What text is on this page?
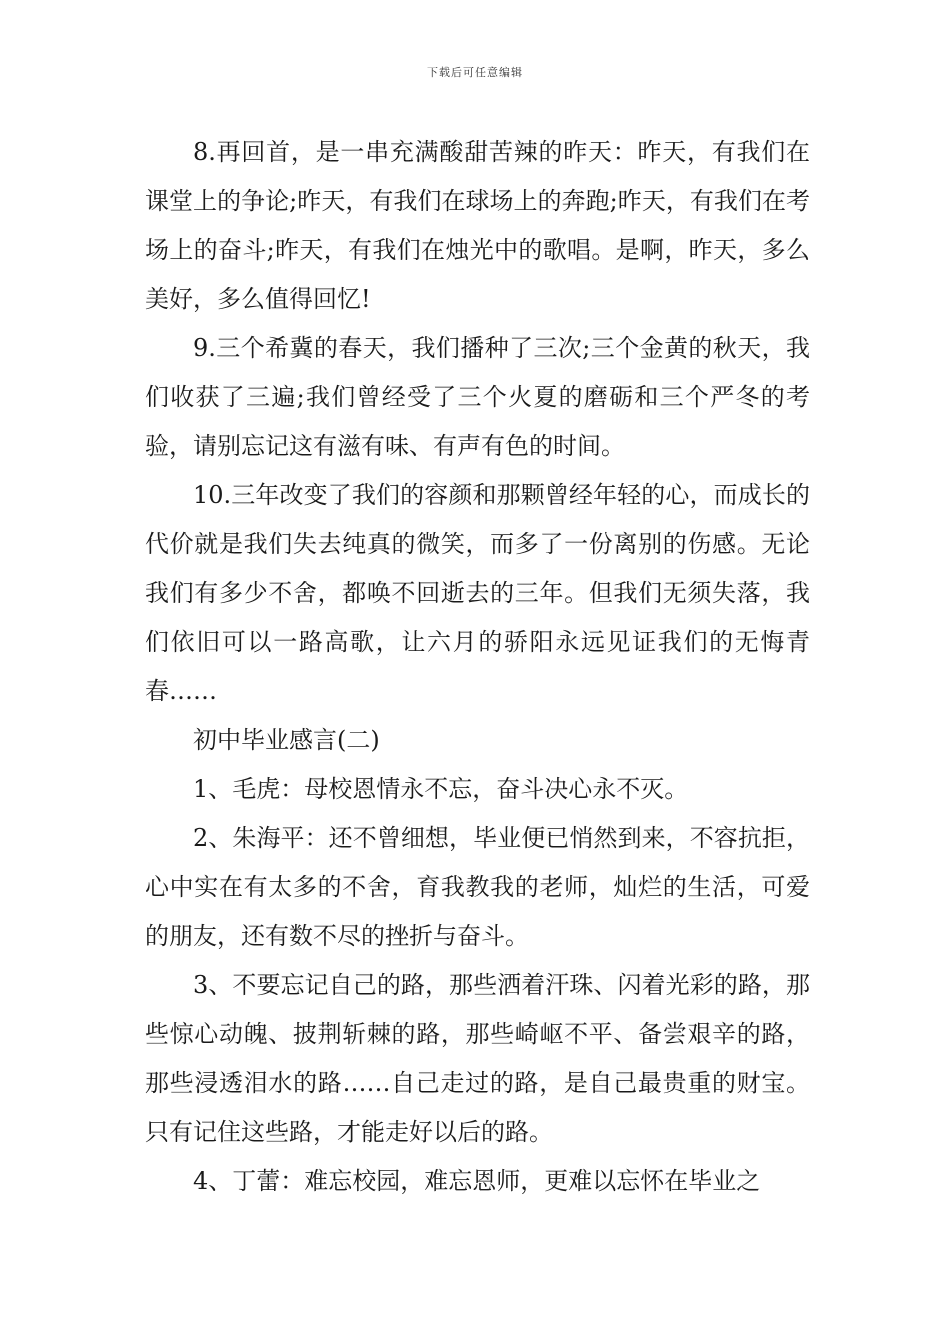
下载后可任意编辑

8.再回首，是一串充满酸甜苦辣的昨天：昨天，有我们在课堂上的争论;昨天，有我们在球场上的奔跑;昨天，有我们在考场上的奋斗;昨天，有我们在烛光中的歌唱。是啊，昨天，多么美好，多么值得回忆!

9.三个希冀的春天，我们播种了三次;三个金黄的秋天，我们收获了三遍;我们曾经受了三个火夏的磨砺和三个严冬的考验，请别忘记这有滋有味、有声有色的时间。

10.三年改变了我们的容颜和那颗曾经年轻的心，而成长的代价就是我们失去纯真的微笑，而多了一份离别的伤感。无论我们有多少不舍，都唤不回逝去的三年。但我们无须失落，我们依旧可以一路高歌，让六月的骄阳永远见证我们的无悔青春……

初中毕业感言(二)

1、毛虎：母校恩情永不忘，奋斗决心永不灭。

2、朱海平：还不曾细想，毕业便已悄然到来，不容抗拒，心中实在有太多的不舍，育我教我的老师，灿烂的生活，可爱的朋友，还有数不尽的挫折与奋斗。

3、不要忘记自己的路，那些洒着汗珠、闪着光彩的路，那些惊心动魄、披荆斩棘的路，那些崎岖不平、备尝艰辛的路，那些浸透泪水的路……自己走过的路，是自己最贵重的财宝。只有记住这些路，才能走好以后的路。

4、丁蕾：难忘校园，难忘恩师，更难以忘怀在毕业之
